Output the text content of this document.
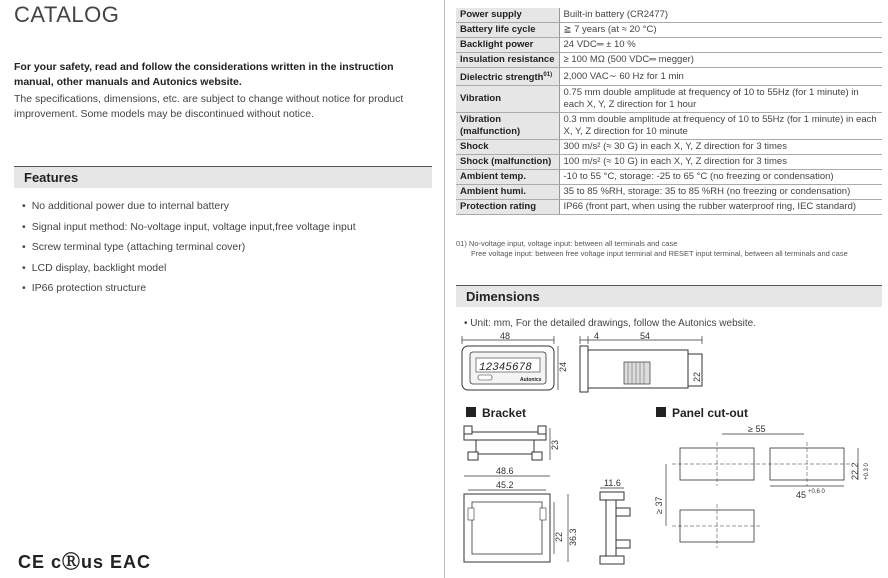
CATALOG
For your safety, read and follow the considerations written in the instruction manual, other manuals and Autonics website.
The specifications, dimensions, etc. are subject to change without notice for product improvement. Some models may be discontinued without notice.
Features
• No additional power due to internal battery
• Signal input method: No-voltage input, voltage input,free voltage input
• Screw terminal type (attaching terminal cover)
• LCD display, backlight model
• IP66 protection structure
CE cⓇus EAC
Power supply	Built-in battery (CR2477)
Battery life cycle	≧ 7 years (at ≈ 20 °C)
Backlight power	24 VDC═ ± 10 %
Insulation resistance	≥ 100 MΩ (500 VDC═ megger)
Dielectric strength$^{01)}$	2,000 VAC∼ 60 Hz for 1 min
Vibration	0.75 mm double amplitude at frequency of 10 to 55Hz (for 1 minute) in each X, Y, Z direction for 1 hour
Vibration (malfunction)	0.3 mm double amplitude at frequency of 10 to 55Hz (for 1 minute) in each X, Y, Z direction for 10 minute
Shock	300 m/s² (≈ 30 G) in each X, Y, Z direction for 3 times
Shock (malfunction)	100 m/s² (≈ 10 G) in each X, Y, Z direction for 3 times
Ambient temp.	-10 to 55 °C, storage: -25 to 65 °C (no freezing or condensation)
Ambient humi.	35 to 85 %RH, storage: 35 to 85 %RH (no freezing or condensation)
Protection rating	IP66 (front part, when using the rubber waterproof ring, IEC standard)
01) No-voltage input, voltage input: between all terminals and case
Free voltage input: between free voltage input terminal and RESET input terminal, between all terminals and case
Dimensions
• Unit: mm, For the detailed drawings, follow the Autonics website.
48
12345678
Autonics
24
4	54
22
Bracket	Panel cut-out
23
48.6
45.2
22 36.3
11.6
≥ 55
≥ 37
22.2 +0.3 0
45 +0.6 0
